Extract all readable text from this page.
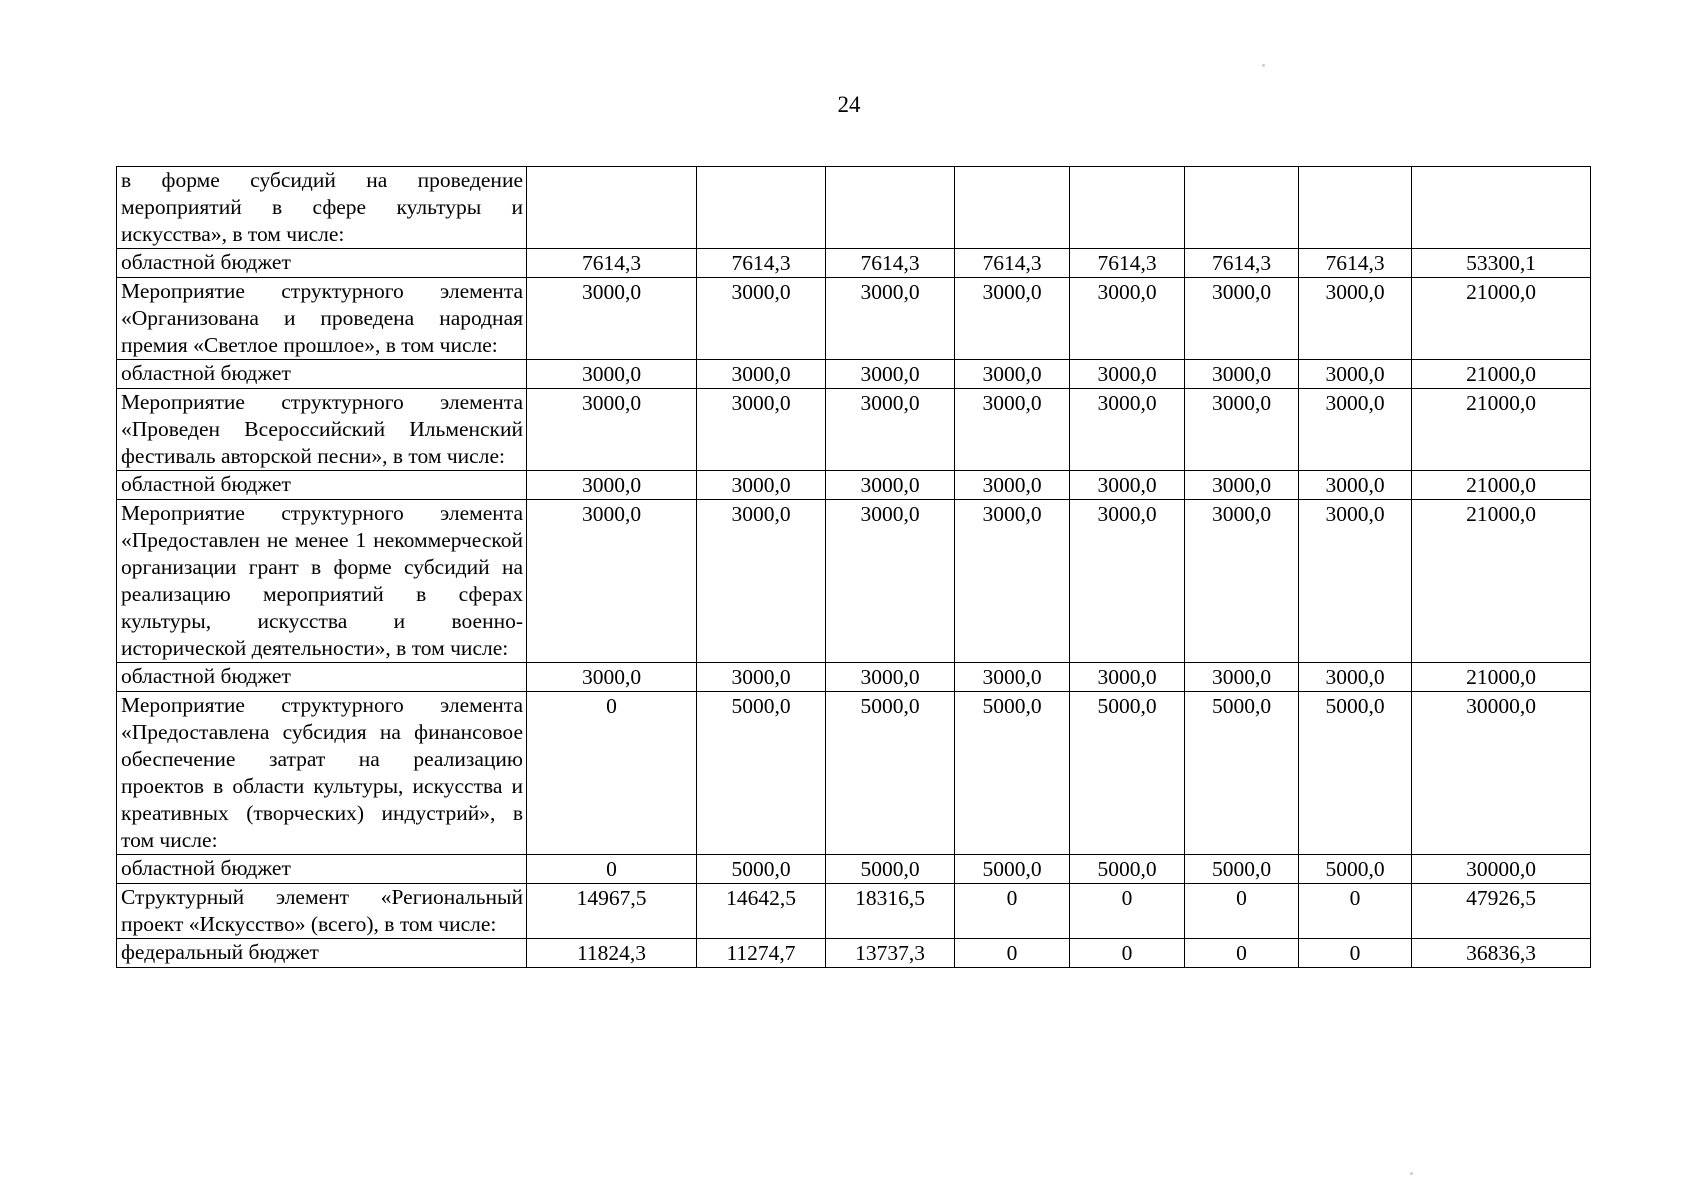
24
в форме субсидий на проведение мероприятий в сфере культуры и искусства», в том числе:								
областной бюджет	7614,3	7614,3	7614,3	7614,3	7614,3	7614,3	7614,3	53300,1
Мероприятие структурного элемента «Организована и проведена народная премия «Светлое прошлое», в том числе:	3000,0	3000,0	3000,0	3000,0	3000,0	3000,0	3000,0	21000,0
областной бюджет	3000,0	3000,0	3000,0	3000,0	3000,0	3000,0	3000,0	21000,0
Мероприятие структурного элемента «Проведен Всероссийский Ильменский фестиваль авторской песни», в том числе:	3000,0	3000,0	3000,0	3000,0	3000,0	3000,0	3000,0	21000,0
областной бюджет	3000,0	3000,0	3000,0	3000,0	3000,0	3000,0	3000,0	21000,0
Мероприятие структурного элемента «Предоставлен не менее 1 некоммерческой организации грант в форме субсидий на реализацию мероприятий в сферах культуры, искусства и военно-исторической деятельности», в том числе:	3000,0	3000,0	3000,0	3000,0	3000,0	3000,0	3000,0	21000,0
областной бюджет	3000,0	3000,0	3000,0	3000,0	3000,0	3000,0	3000,0	21000,0
Мероприятие структурного элемента «Предоставлена субсидия на финансовое обеспечение затрат на реализацию проектов в области культуры, искусства и креативных (творческих) индустрий», в том числе:	0	5000,0	5000,0	5000,0	5000,0	5000,0	5000,0	30000,0
областной бюджет	0	5000,0	5000,0	5000,0	5000,0	5000,0	5000,0	30000,0
Структурный элемент «Региональный проект «Искусство» (всего), в том числе:	14967,5	14642,5	18316,5	0	0	0	0	47926,5
федеральный бюджет	11824,3	11274,7	13737,3	0	0	0	0	36836,3
